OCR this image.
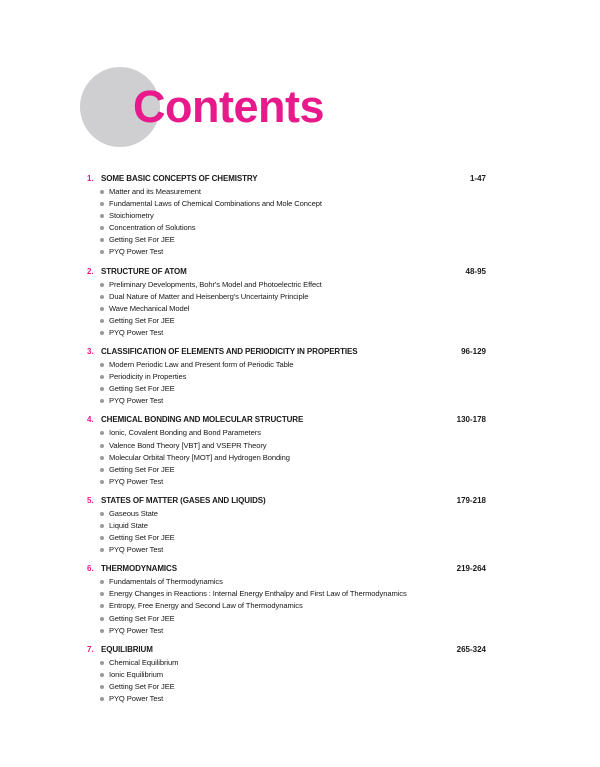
Contents
1. SOME BASIC CONCEPTS OF CHEMISTRY	1-47
Matter and its Measurement
Fundamental Laws of Chemical Combinations and Mole Concept
Stoichiometry
Concentration of Solutions
Getting Set For JEE
PYQ Power Test
2. STRUCTURE OF ATOM	48-95
Preliminary Developments, Bohr's Model and Photoelectric Effect
Dual Nature of Matter and Heisenberg's Uncertainty Principle
Wave Mechanical Model
Getting Set For JEE
PYQ Power Test
3. CLASSIFICATION OF ELEMENTS AND PERIODICITY IN PROPERTIES	96-129
Modern Periodic Law and Present form of Periodic Table
Periodicity in Properties
Getting Set For JEE
PYQ Power Test
4. CHEMICAL BONDING AND MOLECULAR STRUCTURE	130-178
Ionic, Covalent Bonding and Bond Parameters
Valence Bond Theory [VBT] and VSEPR Theory
Molecular Orbital Theory [MOT] and Hydrogen Bonding
Getting Set For JEE
PYQ Power Test
5. STATES OF MATTER (GASES AND LIQUIDS)	179-218
Gaseous State
Liquid State
Getting Set For JEE
PYQ Power Test
6. THERMODYNAMICS	219-264
Fundamentals of Thermodynamics
Energy Changes in Reactions : Internal Energy Enthalpy and First Law of Thermodynamics
Entropy, Free Energy and Second Law of Thermodynamics
Getting Set For JEE
PYQ Power Test
7. EQUILIBRIUM	265-324
Chemical Equilibrium
Ionic Equilibrium
Getting Set For JEE
PYQ Power Test
